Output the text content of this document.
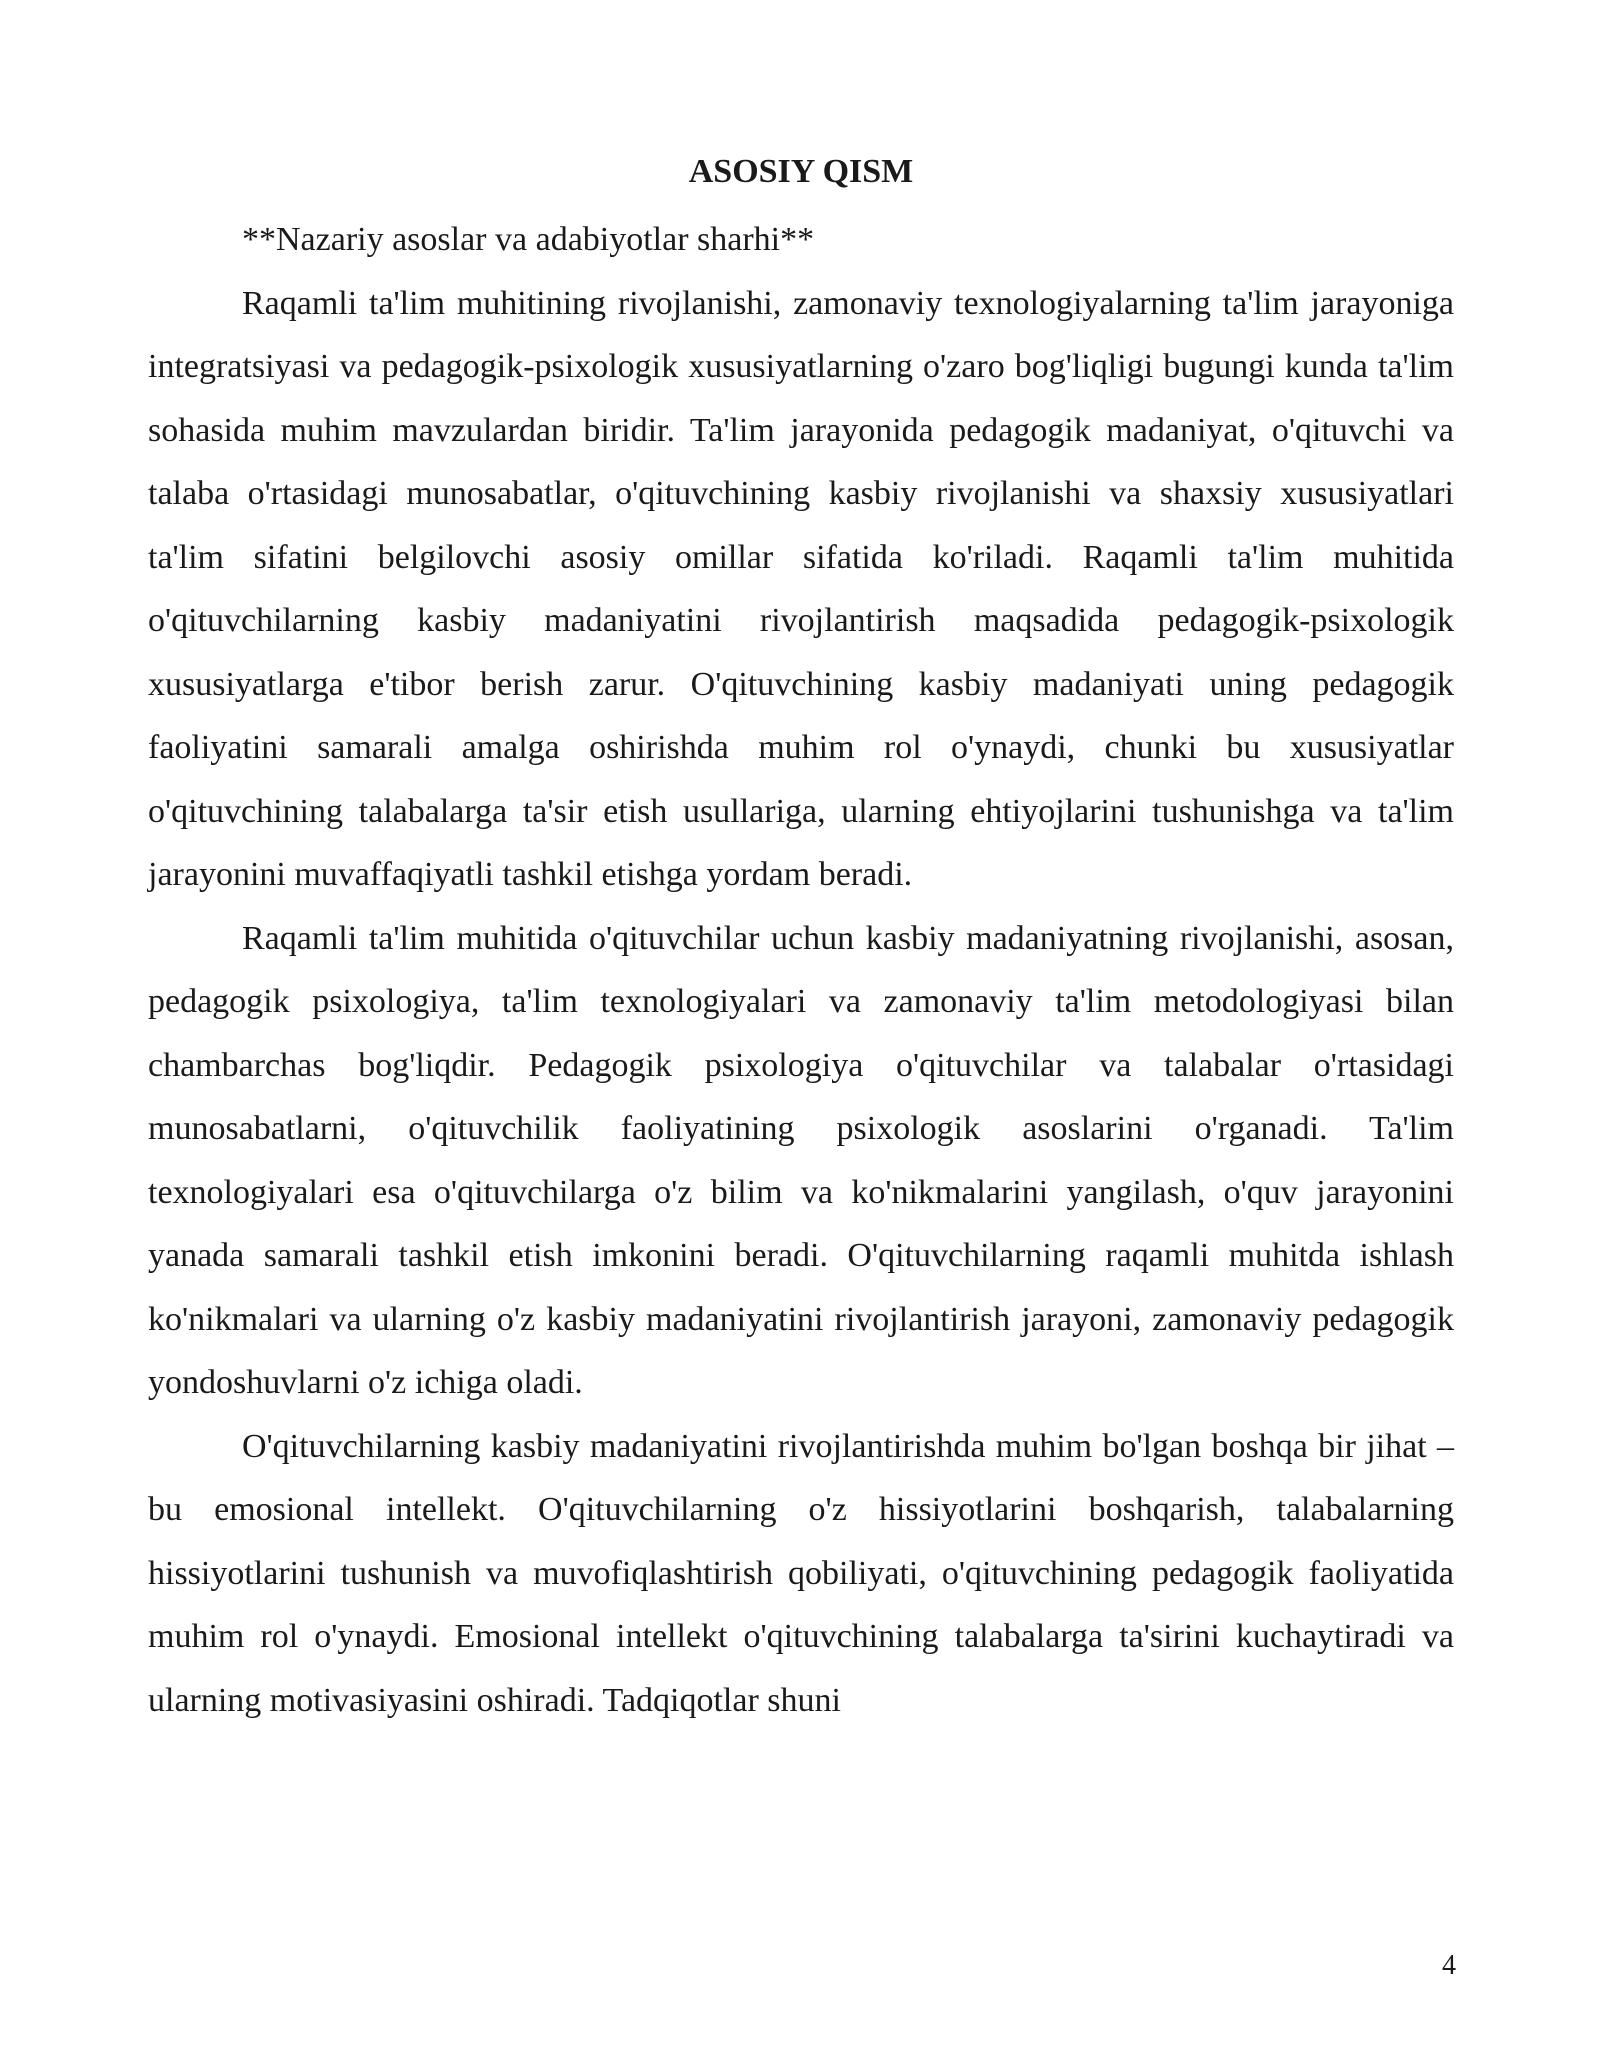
ASOSIY QISM

**Nazariy asoslar va adabiyotlar sharhi**

Raqamli ta'lim muhitining rivojlanishi, zamonaviy texnologiyalarning ta'lim jarayoniga integratsiyasi va pedagogik-psixologik xususiyatlarning o'zaro bog'liqligi bugungi kunda ta'lim sohasida muhim mavzulardan biridir. Ta'lim jarayonida pedagogik madaniyat, o'qituvchi va talaba o'rtasidagi munosabatlar, o'qituvchining kasbiy rivojlanishi va shaxsiy xususiyatlari ta'lim sifatini belgilovchi asosiy omillar sifatida ko'riladi. Raqamli ta'lim muhitida o'qituvchilarning kasbiy madaniyatini rivojlantirish maqsadida pedagogik-psixologik xususiyatlarga e'tibor berish zarur. O'qituvchining kasbiy madaniyati uning pedagogik faoliyatini samarali amalga oshirishda muhim rol o'ynaydi, chunki bu xususiyatlar o'qituvchining talabalarga ta'sir etish usullariga, ularning ehtiyojlarini tushunishga va ta'lim jarayonini muvaffaqiyatli tashkil etishga yordam beradi.

Raqamli ta'lim muhitida o'qituvchilar uchun kasbiy madaniyatning rivojlanishi, asosan, pedagogik psixologiya, ta'lim texnologiyalari va zamonaviy ta'lim metodologiyasi bilan chambarchas bog'liqdir. Pedagogik psixologiya o'qituvchilar va talabalar o'rtasidagi munosabatlarni, o'qituvchilik faoliyatining psixologik asoslarini o'rganadi. Ta'lim texnologiyalari esa o'qituvchilarga o'z bilim va ko'nikmalarini yangilash, o'quv jarayonini yanada samarali tashkil etish imkonini beradi. O'qituvchilarning raqamli muhitda ishlash ko'nikmalari va ularning o'z kasbiy madaniyatini rivojlantirish jarayoni, zamonaviy pedagogik yondoshuvlarni o'z ichiga oladi.

O'qituvchilarning kasbiy madaniyatini rivojlantirishda muhim bo'lgan boshqa bir jihat – bu emosional intellekt. O'qituvchilarning o'z hissiyotlarini boshqarish, talabalarning hissiyotlarini tushunish va muvofiqlashtirish qobiliyati, o'qituvchining pedagogik faoliyatida muhim rol o'ynaydi. Emosional intellekt o'qituvchining talabalarga ta'sirini kuchaytiradi va ularning motivasiyasini oshiradi. Tadqiqotlar shuni

4
